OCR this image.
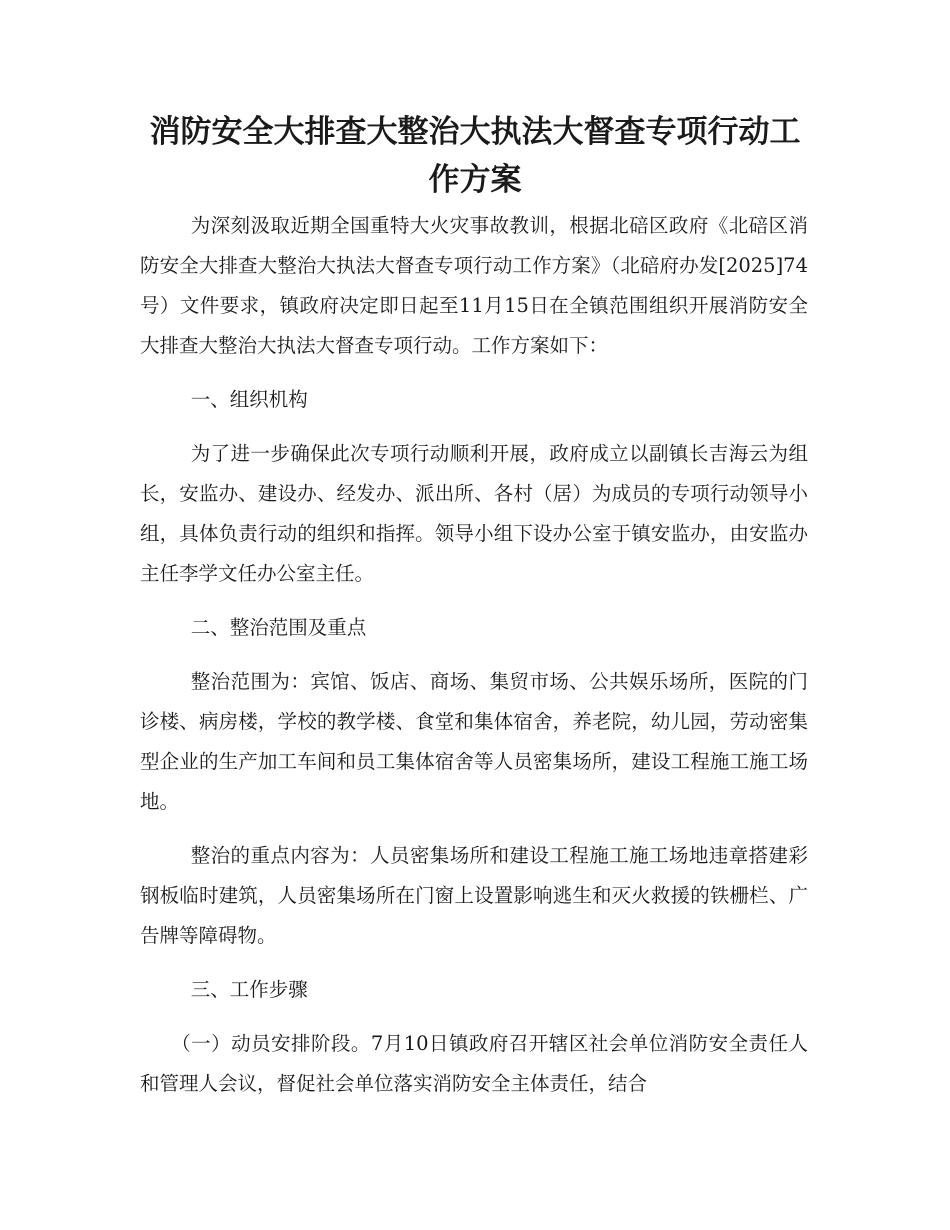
消防安全大排查大整治大执法大督查专项行动工作方案

为深刻汲取近期全国重特大火灾事故教训，根据北碚区政府《北碚区消防安全大排查大整治大执法大督查专项行动工作方案》（北碚府办发[2025]74号）文件要求，镇政府决定即日起至11月15日在全镇范围组织开展消防安全大排查大整治大执法大督查专项行动。工作方案如下：

一、组织机构

为了进一步确保此次专项行动顺利开展，政府成立以副镇长吉海云为组长，安监办、建设办、经发办、派出所、各村（居）为成员的专项行动领导小组，具体负责行动的组织和指挥。领导小组下设办公室于镇安监办，由安监办主任李学文任办公室主任。

二、整治范围及重点

整治范围为：宾馆、饭店、商场、集贸市场、公共娱乐场所，医院的门诊楼、病房楼，学校的教学楼、食堂和集体宿舍，养老院，幼儿园，劳动密集型企业的生产加工车间和员工集体宿舍等人员密集场所，建设工程施工施工场地。

整治的重点内容为：人员密集场所和建设工程施工施工场地违章搭建彩钢板临时建筑，人员密集场所在门窗上设置影响逃生和灭火救援的铁栅栏、广告牌等障碍物。

三、工作步骤

（一）动员安排阶段。7月10日镇政府召开辖区社会单位消防安全责任人和管理人会议，督促社会单位落实消防安全主体责任，结合
